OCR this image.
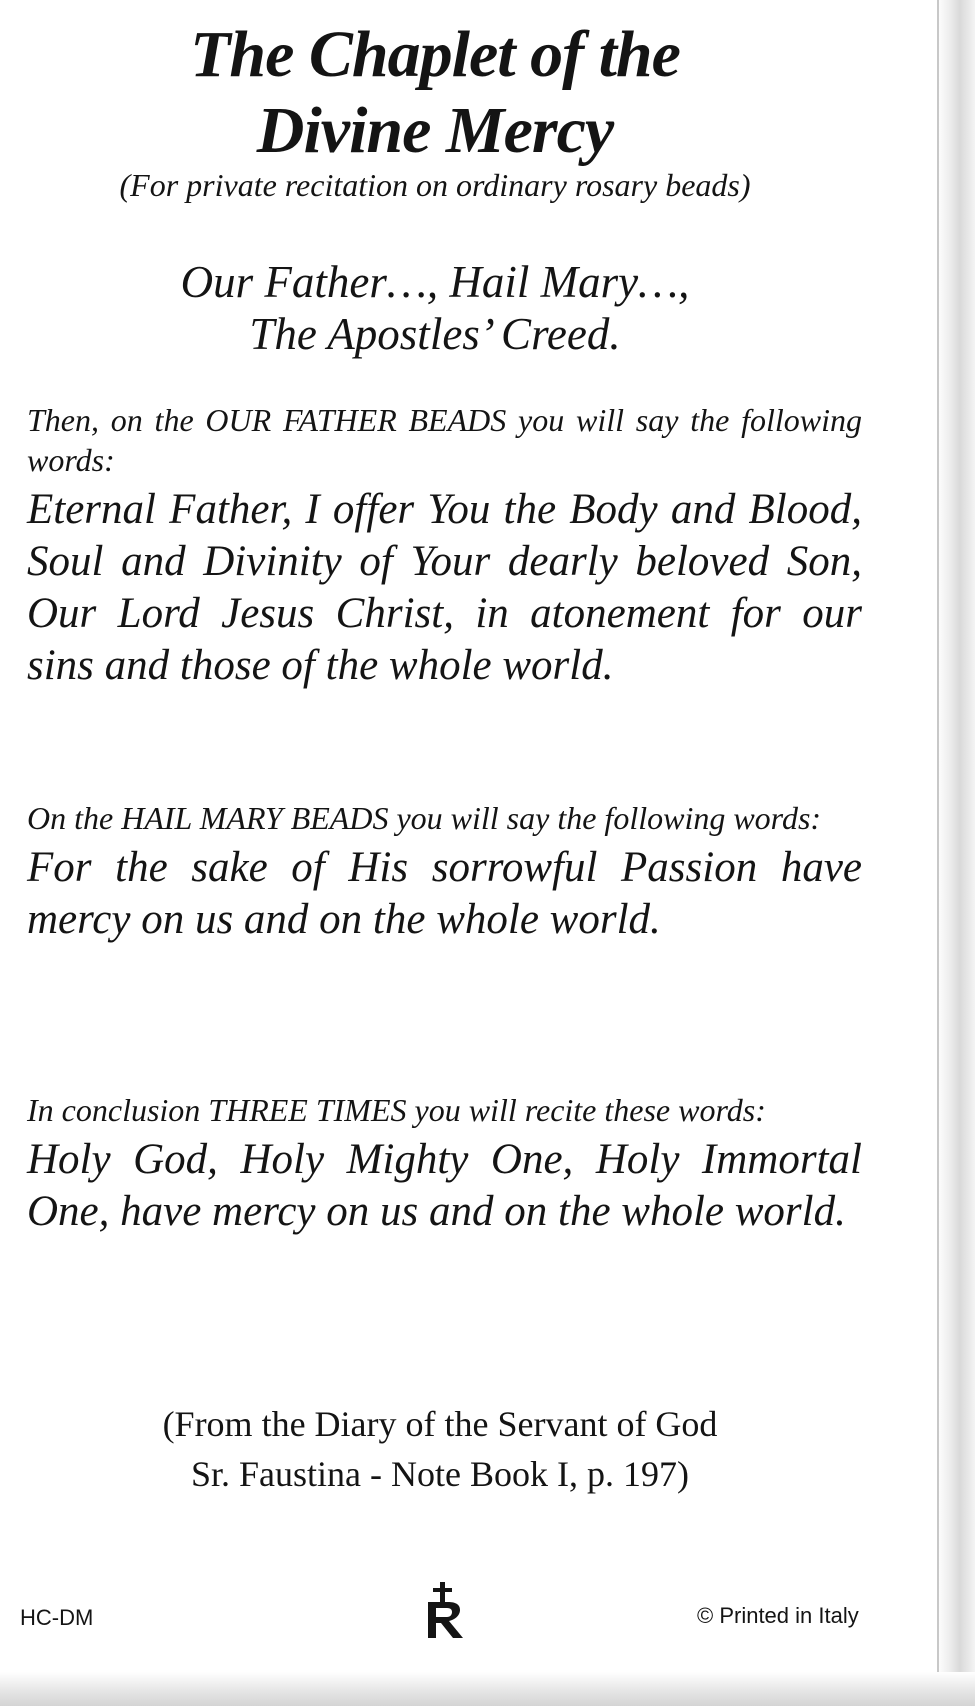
The Chaplet of the
Divine Mercy
(For private recitation on ordinary rosary beads)
Our Father…, Hail Mary…,
The Apostles’ Creed.
Then, on the OUR FATHER BEADS you will say the following words:
Eternal Father, I offer You the Body and Blood, Soul and Divinity of Your dearly beloved Son, Our Lord Jesus Christ, in atonement for our sins and those of the whole world.
On the HAIL MARY BEADS you will say the following words:
For the sake of His sorrowful Passion have mercy on us and on the whole world.
In conclusion THREE TIMES you will recite these words:
Holy God, Holy Mighty One, Holy Immortal One, have mercy on us and on the whole world.
(From the Diary of the Servant of God
Sr. Faustina - Note Book I, p. 197)
HC-DM	© Printed in Italy
